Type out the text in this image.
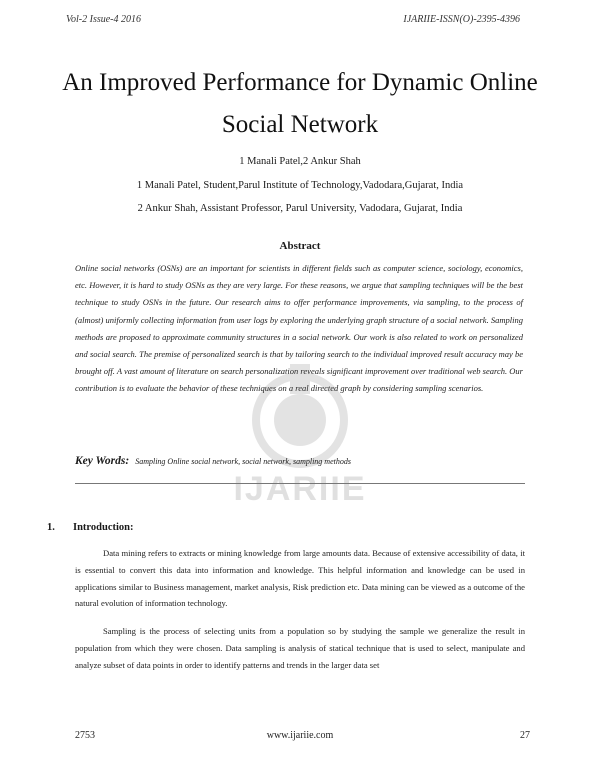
Vol-2 Issue-4 2016	IJARIIE-ISSN(O)-2395-4396
An Improved Performance for Dynamic Online Social Network
1 Manali Patel,2 Ankur Shah
1 Manali Patel, Student,Parul Institute of Technology,Vadodara,Gujarat, India
2 Ankur Shah, Assistant Professor, Parul University, Vadodara, Gujarat, India
Abstract
Online social networks (OSNs) are an important for scientists in different fields such as computer science, sociology, economics, etc. However, it is hard to study OSNs as they are very large. For these reasons, we argue that sampling techniques will be the best technique to study OSNs in the future. Our research aims to offer performance improvements, via sampling, to the process of (almost) uniformly collecting information from user logs by exploring the underlying graph structure of a social network. Sampling methods are proposed to approximate community structures in a social network. Our work is also related to work on personalized and social search. The premise of personalized search is that by tailoring search to the individual improved result accuracy may be brought off. A vast amount of literature on search personalization reveals significant improvement over traditional web search. Our contribution is to evaluate the behavior of these techniques on a real directed graph by considering sampling scenarios.
IJARIIE
Key Words: Sampling Online social network, social network, sampling methods
1. Introduction:
Data mining refers to extracts or mining knowledge from large amounts data. Because of extensive accessibility of data, it is essential to convert this data into information and knowledge. This helpful information and knowledge can be used in applications similar to Business management, market analysis, Risk prediction etc. Data mining can be viewed as a outcome of the natural evolution of information technology.
Sampling is the process of selecting units from a population so by studying the sample we generalize the result in population from which they were chosen. Data sampling is analysis of statical technique that is used to select, manipulate and analyze subset of data points in order to identify patterns and trends in the larger data set
2753	www.ijariie.com	27
